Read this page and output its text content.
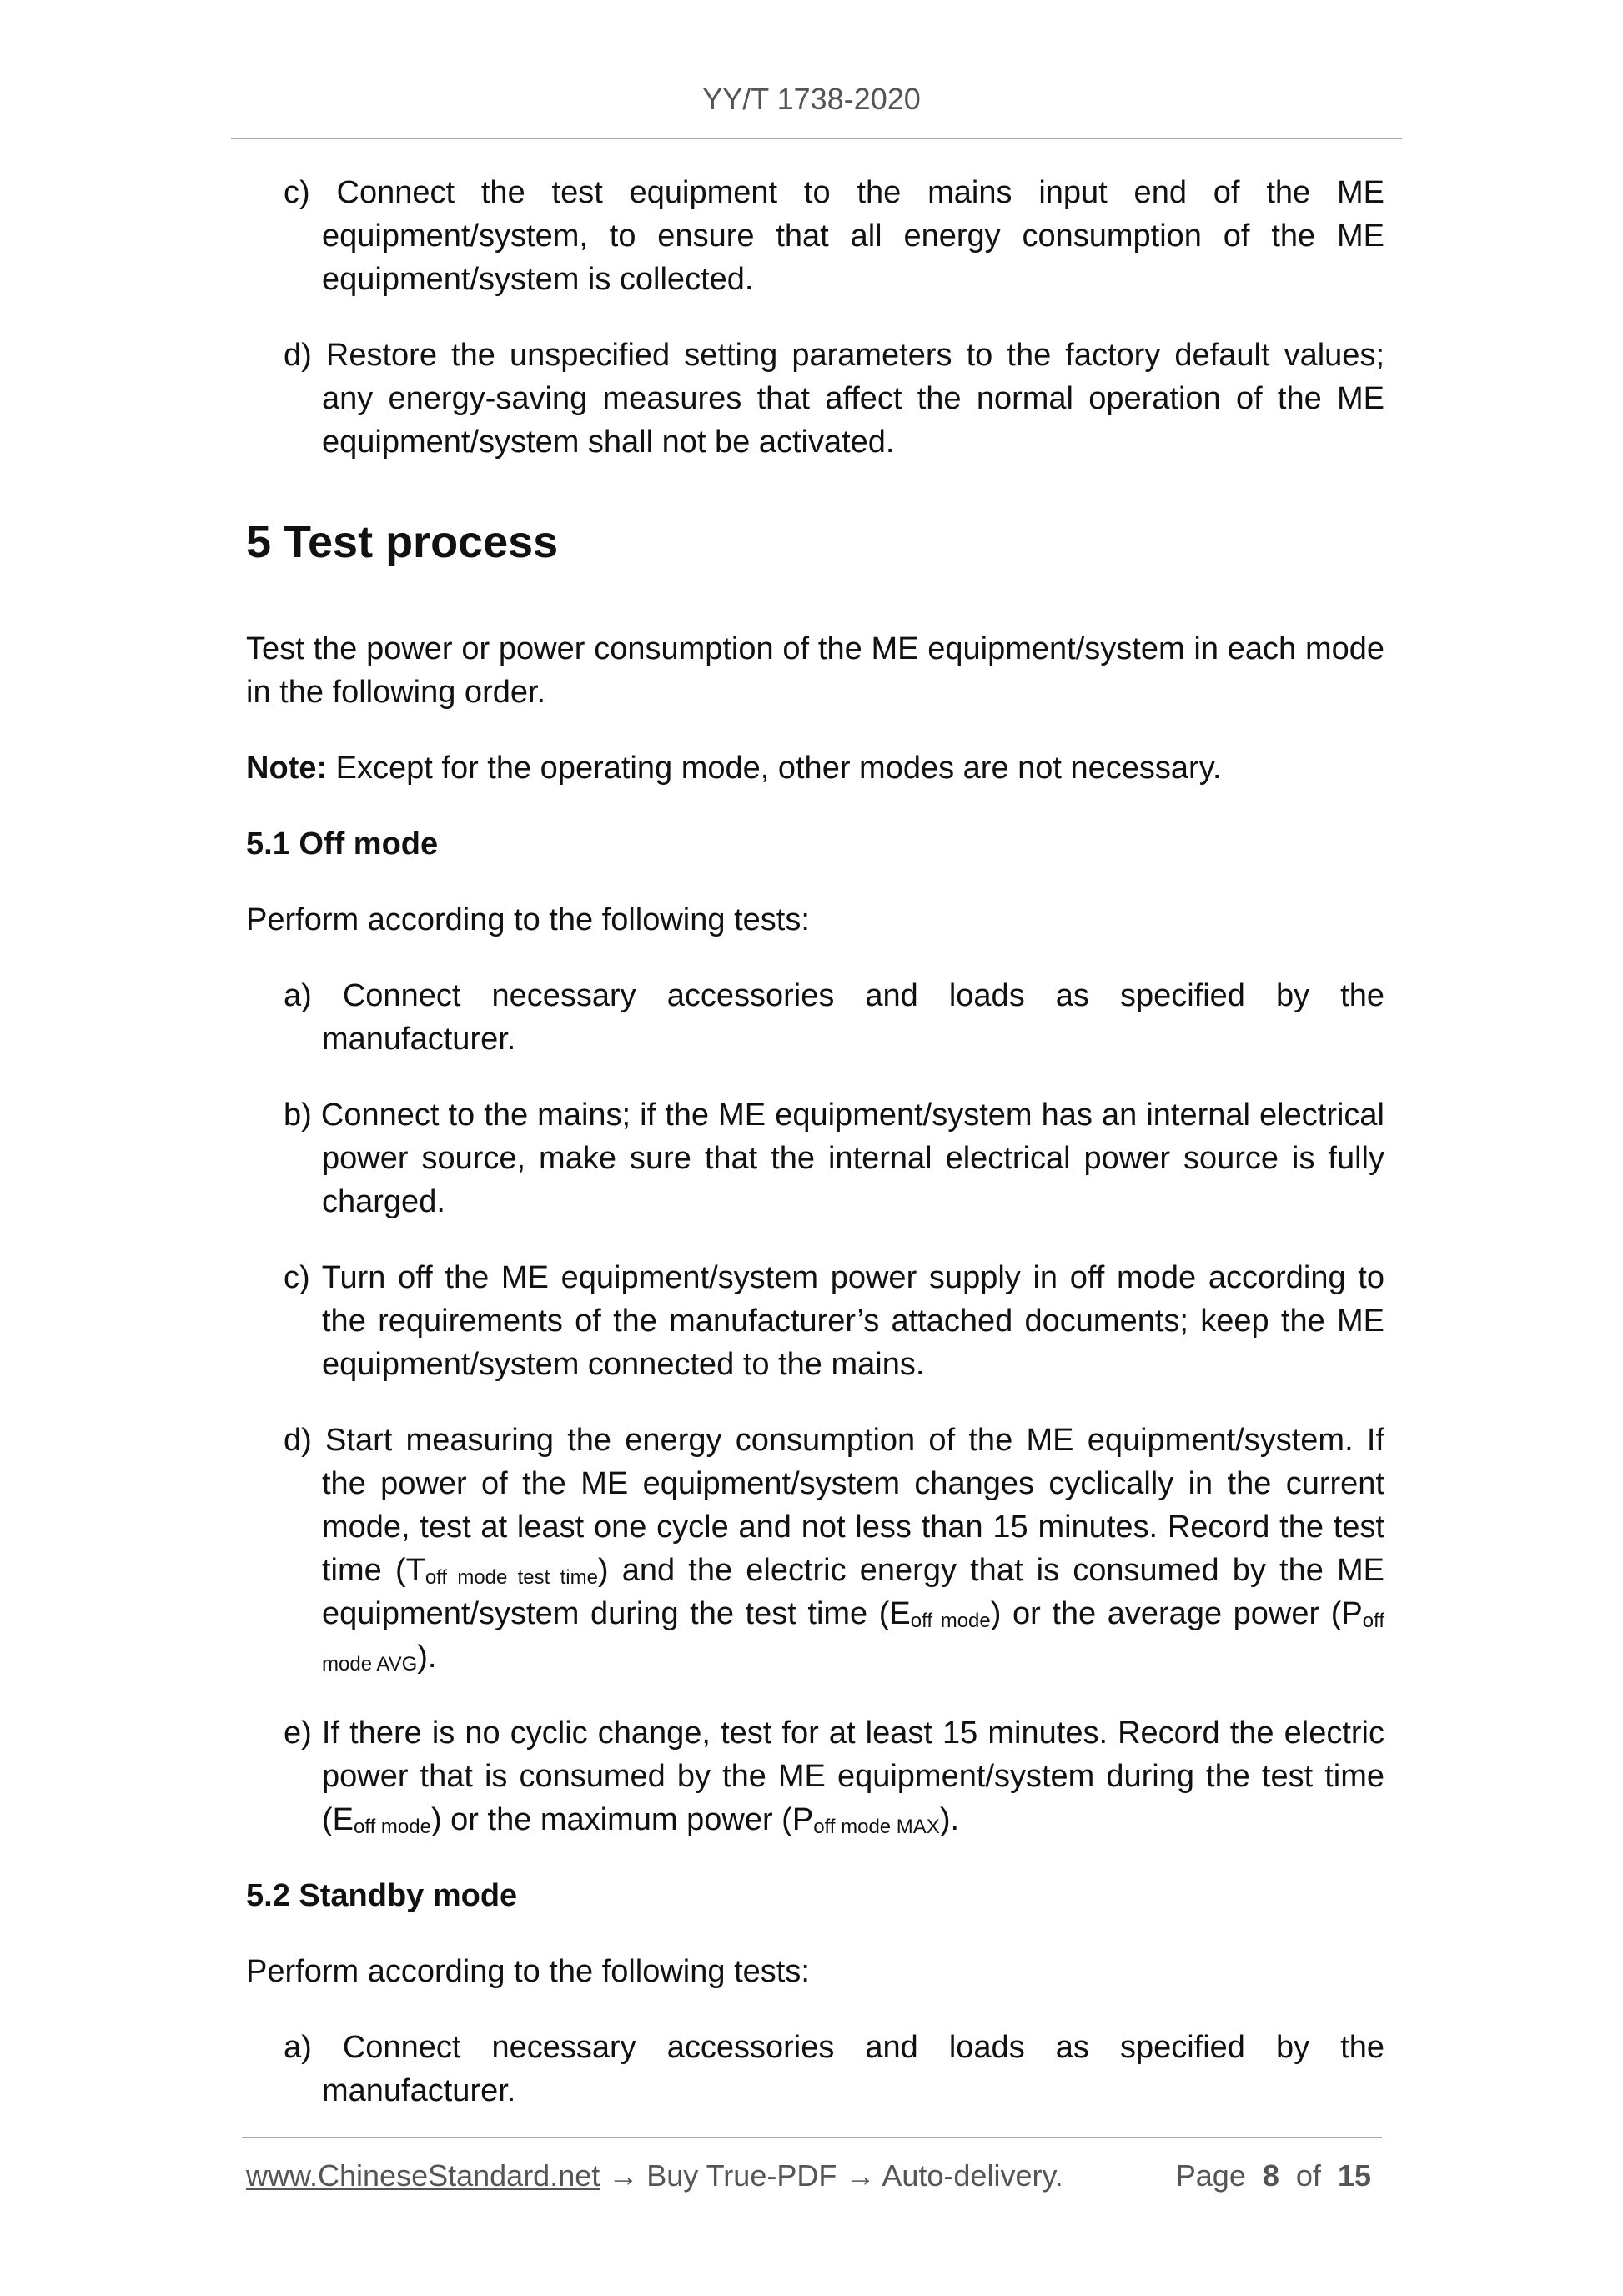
YY/T 1738-2020
c) Connect the test equipment to the mains input end of the ME equipment/system, to ensure that all energy consumption of the ME equipment/system is collected.
d) Restore the unspecified setting parameters to the factory default values; any energy-saving measures that affect the normal operation of the ME equipment/system shall not be activated.
5 Test process
Test the power or power consumption of the ME equipment/system in each mode in the following order.
Note: Except for the operating mode, other modes are not necessary.
5.1 Off mode
Perform according to the following tests:
a) Connect necessary accessories and loads as specified by the manufacturer.
b) Connect to the mains; if the ME equipment/system has an internal electrical power source, make sure that the internal electrical power source is fully charged.
c) Turn off the ME equipment/system power supply in off mode according to the requirements of the manufacturer’s attached documents; keep the ME equipment/system connected to the mains.
d) Start measuring the energy consumption of the ME equipment/system. If the power of the ME equipment/system changes cyclically in the current mode, test at least one cycle and not less than 15 minutes. Record the test time $(T_{off mode test time})$ and the electric energy that is consumed by the ME equipment/system during the test time $(E_{off mode})$ or the average power $(P_{off mode AVG})$.
e) If there is no cyclic change, test for at least 15 minutes. Record the electric power that is consumed by the ME equipment/system during the test time $(E_{off mode})$ or the maximum power $(P_{off mode MAX})$.
5.2 Standby mode
Perform according to the following tests:
a) Connect necessary accessories and loads as specified by the manufacturer.
www.ChineseStandard.net → Buy True-PDF → Auto-delivery.	Page 8 of 15
